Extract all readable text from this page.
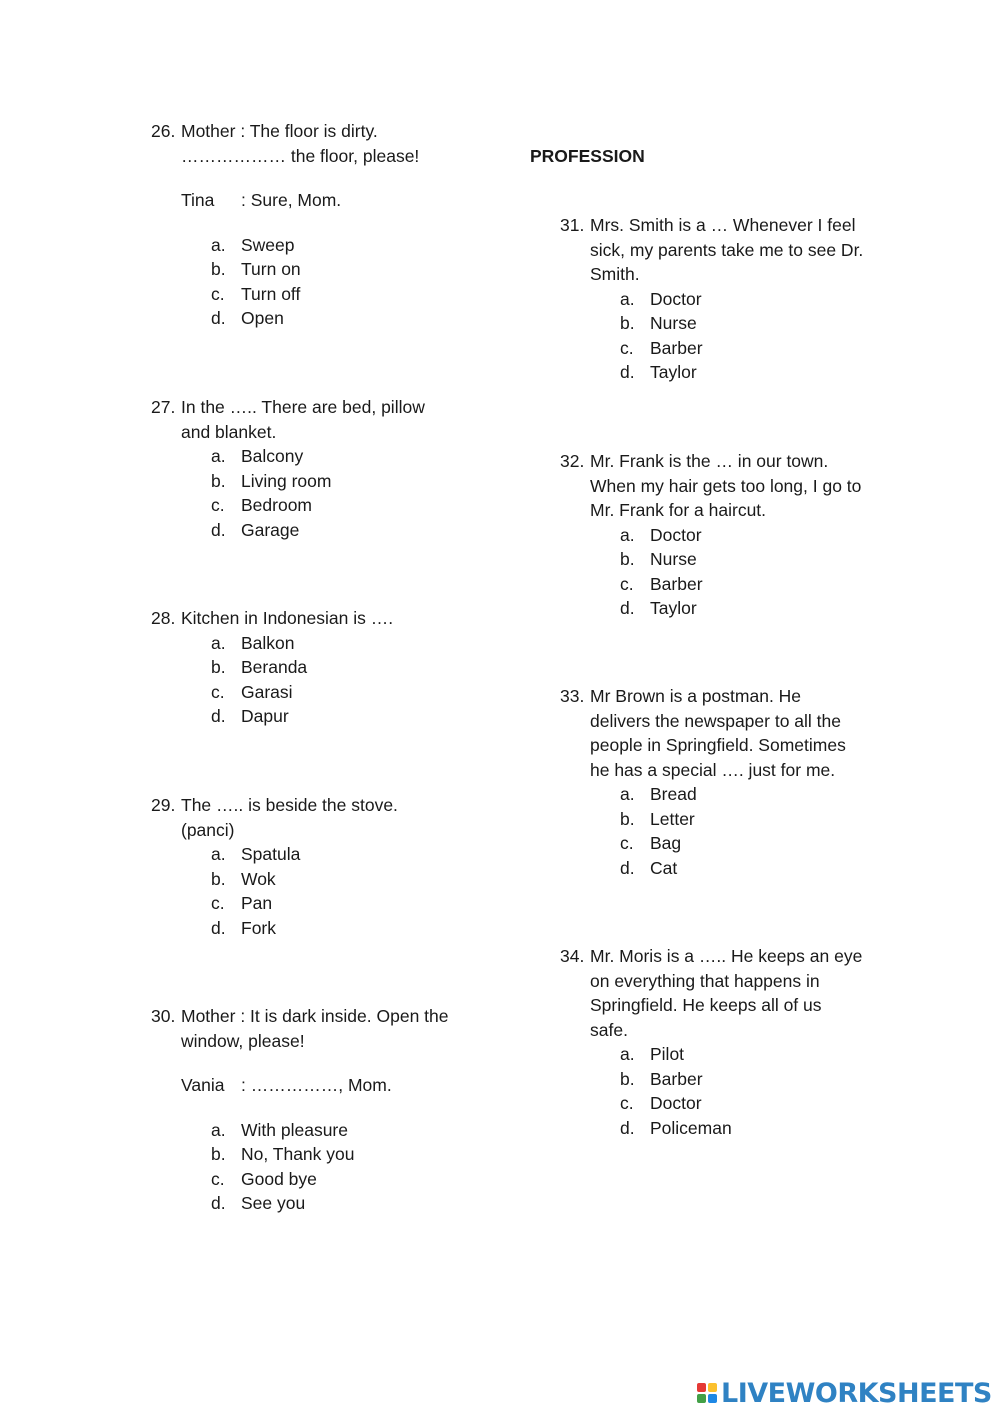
26. Mother : The floor is dirty.
……………… the floor, please!
Tina	: Sure, Mom.
a. Sweep
b. Turn on
c. Turn off
d. Open
27. In the ….. There are bed, pillow
and blanket.
a. Balcony
b. Living room
c. Bedroom
d. Garage
28. Kitchen in Indonesian is ….
a. Balkon
b. Beranda
c. Garasi
d. Dapur
29. The ….. is beside the stove.
(panci)
a. Spatula
b. Wok
c. Pan
d. Fork
30. Mother : It is dark inside. Open the
window, please!
Vania : ……………, Mom.
a. With pleasure
b. No, Thank you
c. Good bye
d. See you
PROFESSION
31. Mrs. Smith is a … Whenever I feel
sick, my parents take me to see Dr.
Smith.
a. Doctor
b. Nurse
c. Barber
d. Taylor
32. Mr. Frank is the … in our town.
When my hair gets too long, I go to
Mr. Frank for a haircut.
a. Doctor
b. Nurse
c. Barber
d. Taylor
33. Mr Brown is a postman. He
delivers the newspaper to all the
people in Springfield. Sometimes
he has a special …. just for me.
a. Bread
b. Letter
c. Bag
d. Cat
34. Mr. Moris is a ….. He keeps an eye
on everything that happens in
Springfield. He keeps all of us
safe.
a. Pilot
b. Barber
c. Doctor
d. Policeman
LIVEWORKSHEETS
